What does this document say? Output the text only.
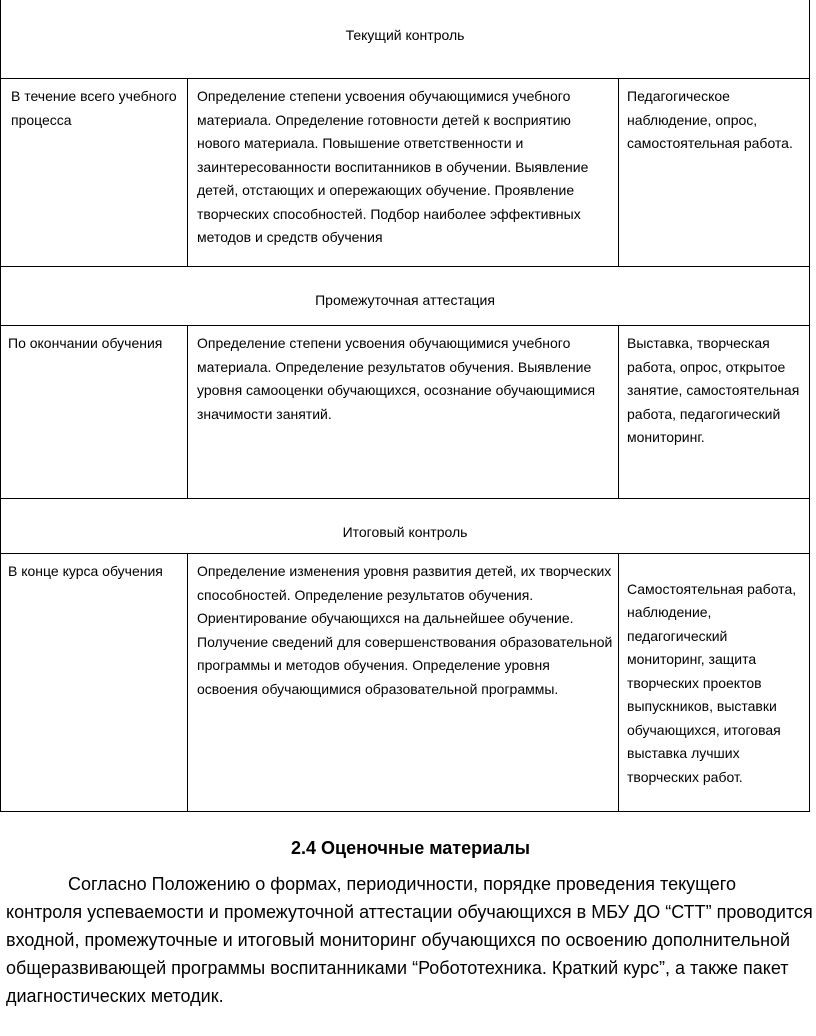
Текущий контроль		

В течение всего учебного процесса	Определение степени усвоения обучающимися учебного материала. Определение готовности детей к восприятию нового материала. Повышение ответственности и заинтересованности воспитанников в обучении. Выявление детей, отстающих и опережающих обучение. Проявление творческих способностей. Подбор наиболее эффективных методов и средств обучения	Педагогическое наблюдение, опрос, самостоятельная работа.

Промежуточная аттестация		

По окончании обучения	Определение степени усвоения обучающимися учебного материала. Определение результатов обучения. Выявление уровня самооценки обучающихся, осознание обучающимися значимости занятий.	Выставка, творческая работа, опрос, открытое занятие, самостоятельная работа, педагогический мониторинг.

Итоговый контроль		

В конце курса обучения	Определение изменения уровня развития детей, их творческих способностей. Определение результатов обучения. Ориентирование обучающихся на дальнейшее обучение. Получение сведений для совершенствования образовательной программы и методов обучения. Определение уровня освоения обучающимися образовательной программы.	Самостоятельная работа, наблюдение, педагогический мониторинг, защита творческих проектов выпускников, выставки обучающихся, итоговая выставка лучших творческих работ.
2.4 Оценочные материалы

Согласно Положению о формах, периодичности, порядке проведения текущего контроля успеваемости и промежуточной аттестации обучающихся в МБУ ДО “СТТ” проводится входной, промежуточные и итоговый мониторинг обучающихся по освоению дополнительной общеразвивающей программы воспитанниками “Робототехника. Краткий курс”, а также пакет диагностических методик.
